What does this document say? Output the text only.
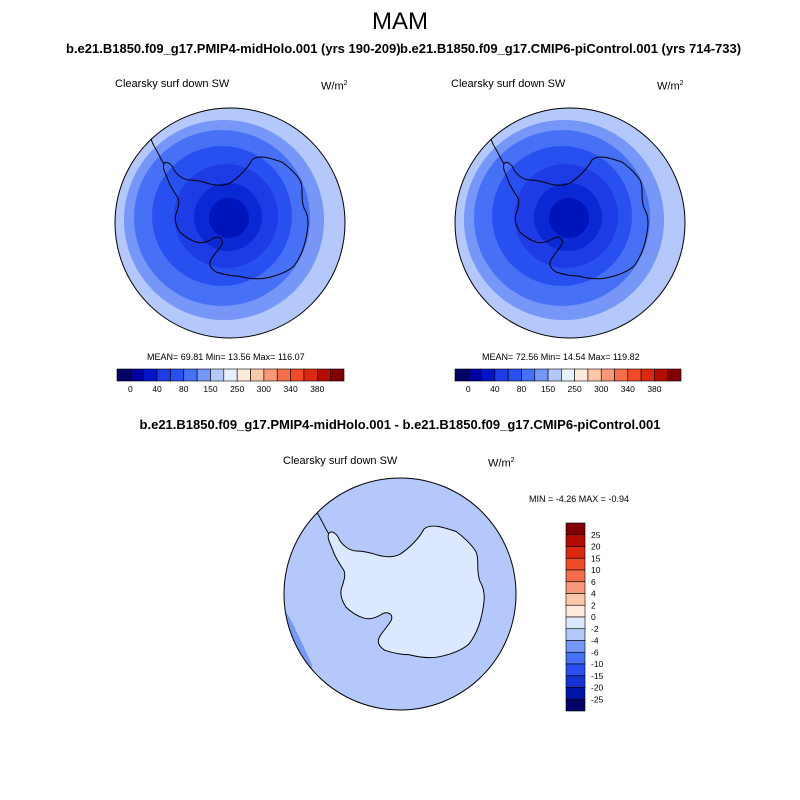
MAM
b.e21.B1850.f09_g17.PMIP4-midHolo.001 (yrs 190-209) b.e21.B1850.f09_g17.CMIP6-piControl.001 (yrs 714-733)
Clearsky surf down SW	$W/m^2$	Clearsky surf down SW	$W/m^2$
MEAN= 69.81 Min= 13.56 Max= 116.07	MEAN= 72.56 Min= 14.54 Max= 119.82
b.e21.B1850.f09_g17.PMIP4-midHolo.001 - b.e21.B1850.f09_g17.CMIP6-piControl.001
Clearsky surf down SW	$W/m^2$
MIN = -4.26 MAX = -0.94
0 40 80 150 250 300 340 380	0 40 80 150 250 300 340 380
25
20
15
10
6
4
2
0
-2
-4
-6
-10
-15
-20
-25
